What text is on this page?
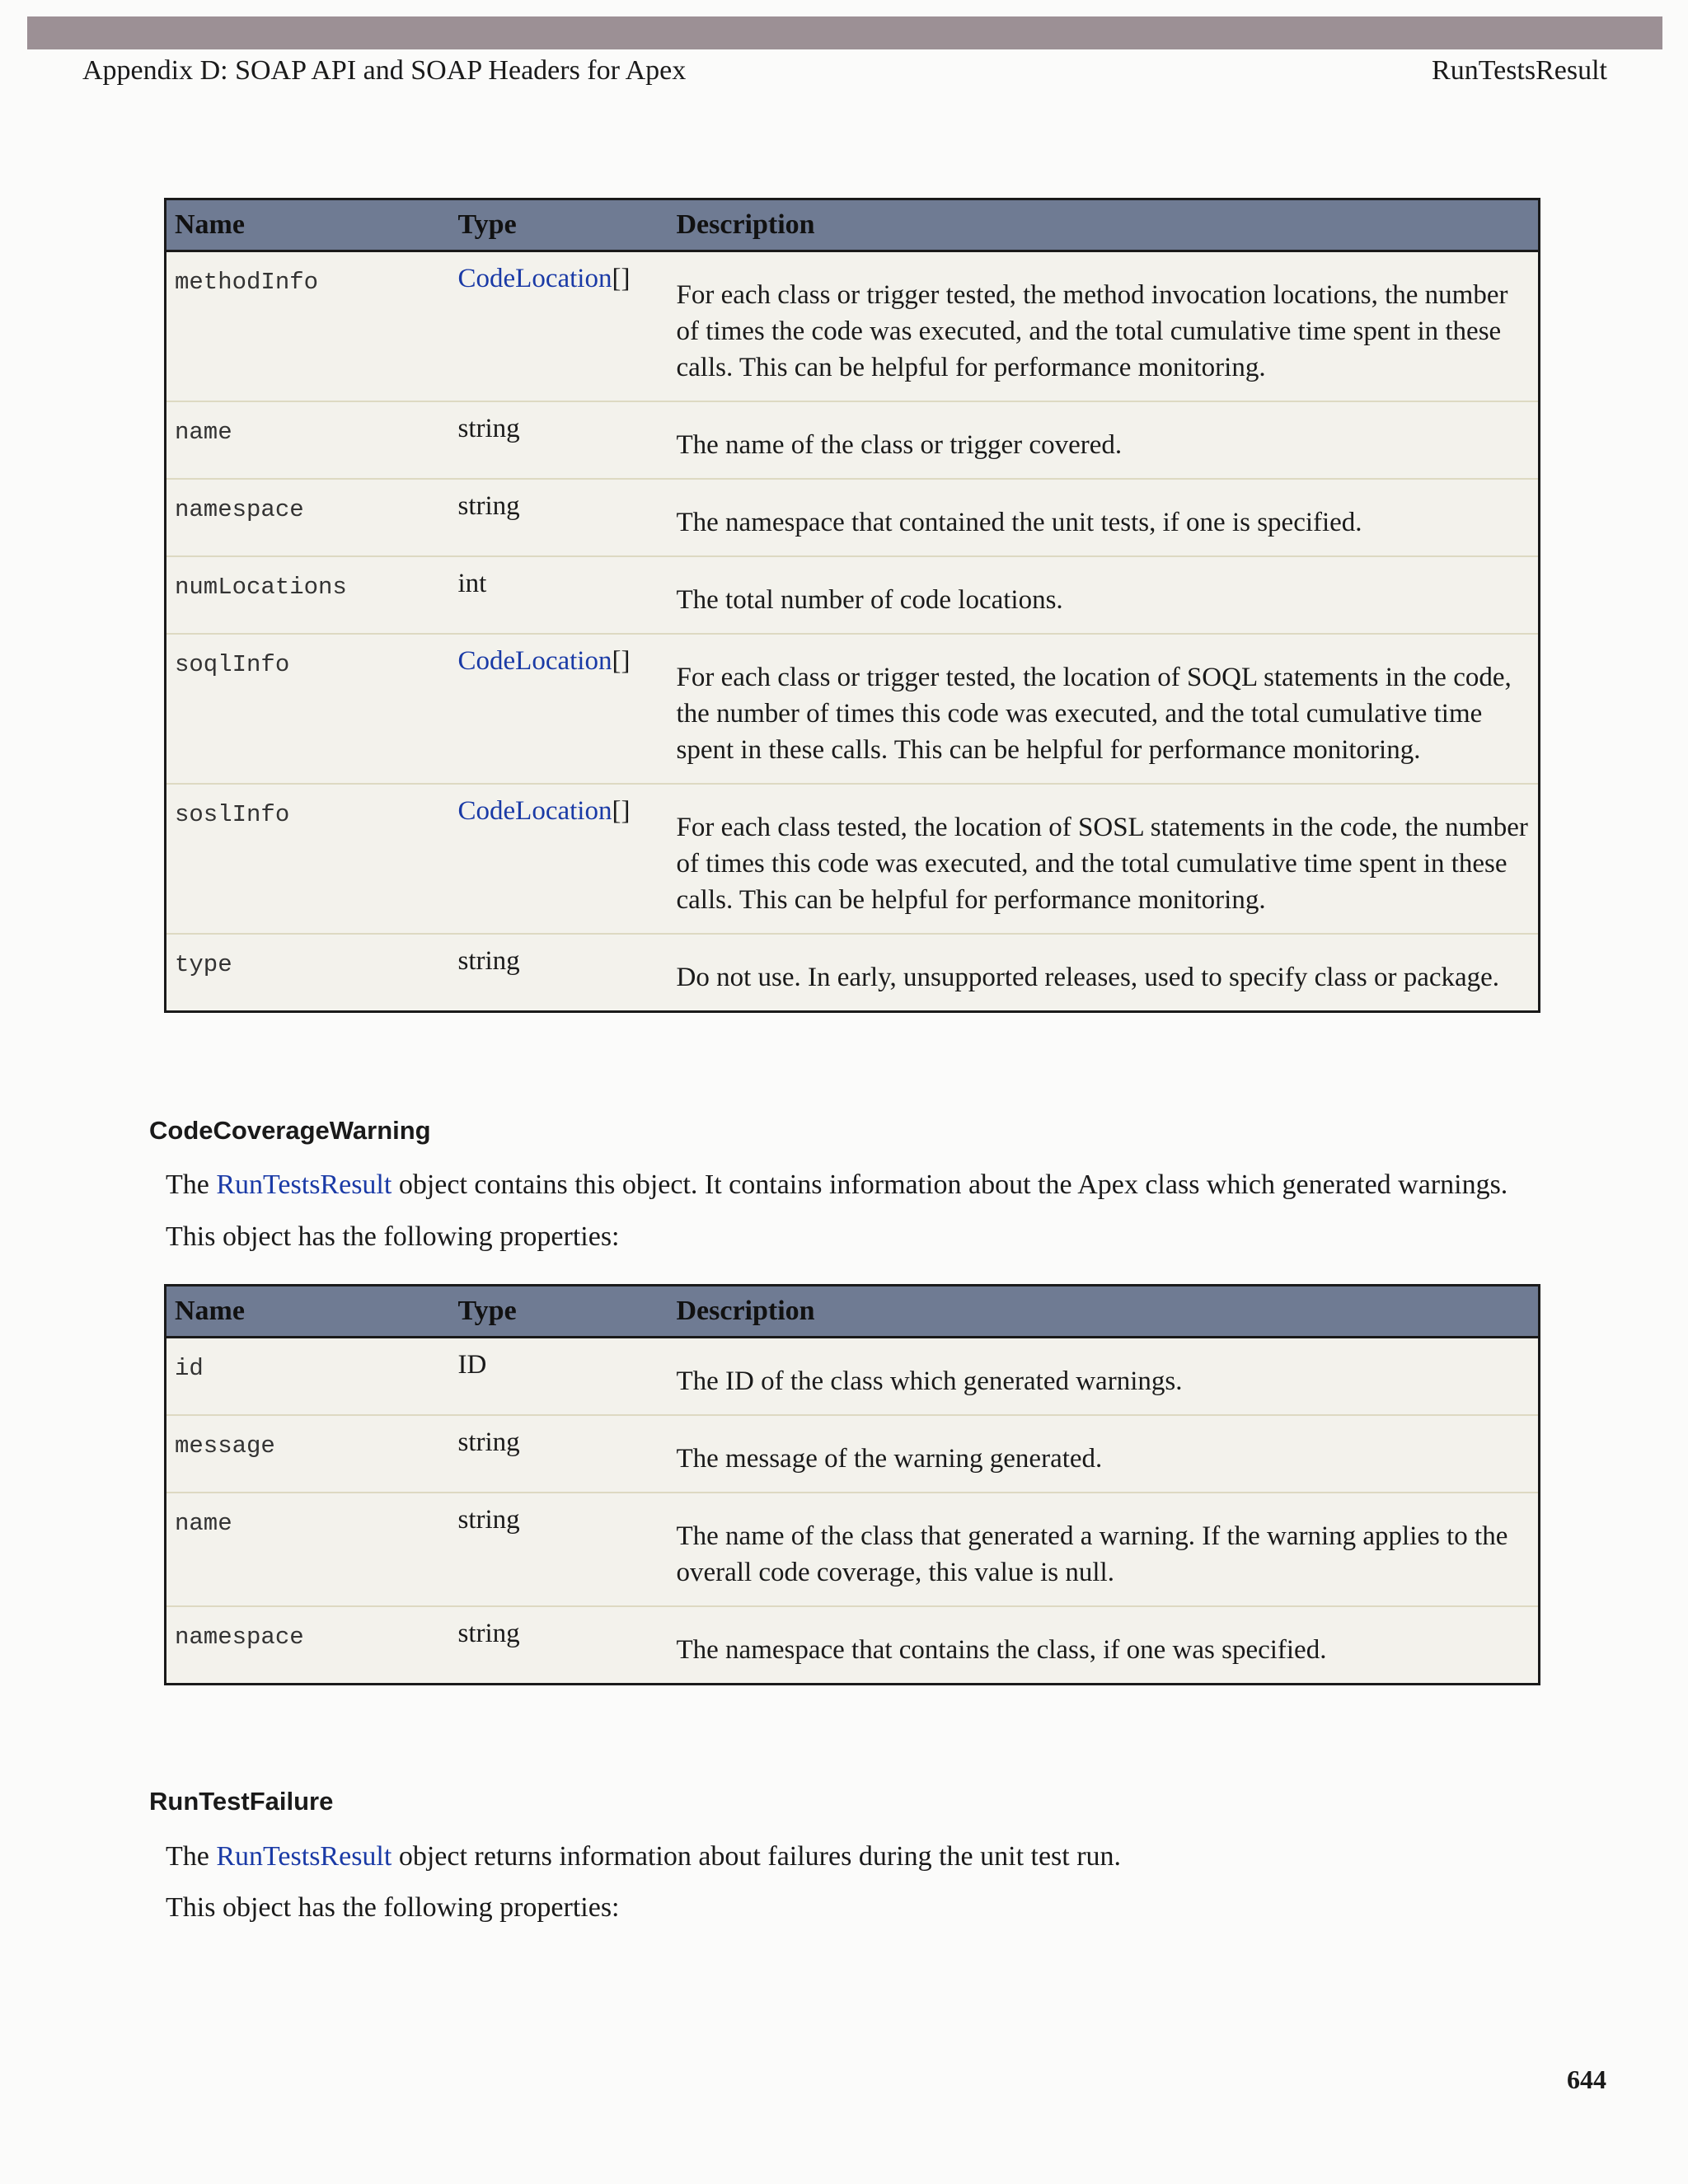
Appendix D: SOAP API and SOAP Headers for Apex	RunTestsResult
Name	Type	Description
methodInfo	CodeLocation[]	For each class or trigger tested, the method invocation locations, the number of times the code was executed, and the total cumulative time spent in these calls. This can be helpful for performance monitoring.
name	string	The name of the class or trigger covered.
namespace	string	The namespace that contained the unit tests, if one is specified.
numLocations	int	The total number of code locations.
soqlInfo	CodeLocation[]	For each class or trigger tested, the location of SOQL statements in the code, the number of times this code was executed, and the total cumulative time spent in these calls. This can be helpful for performance monitoring.
soslInfo	CodeLocation[]	For each class tested, the location of SOSL statements in the code, the number of times this code was executed, and the total cumulative time spent in these calls. This can be helpful for performance monitoring.
type	string	Do not use. In early, unsupported releases, used to specify class or package.
CodeCoverageWarning

The RunTestsResult object contains this object. It contains information about the Apex class which generated warnings.

This object has the following properties:

Name	Type	Description
id	ID	The ID of the class which generated warnings.
message	string	The message of the warning generated.
name	string	The name of the class that generated a warning. If the warning applies to the overall code coverage, this value is null.
namespace	string	The namespace that contains the class, if one was specified.
RunTestFailure

The RunTestsResult object returns information about failures during the unit test run.

This object has the following properties:

644
